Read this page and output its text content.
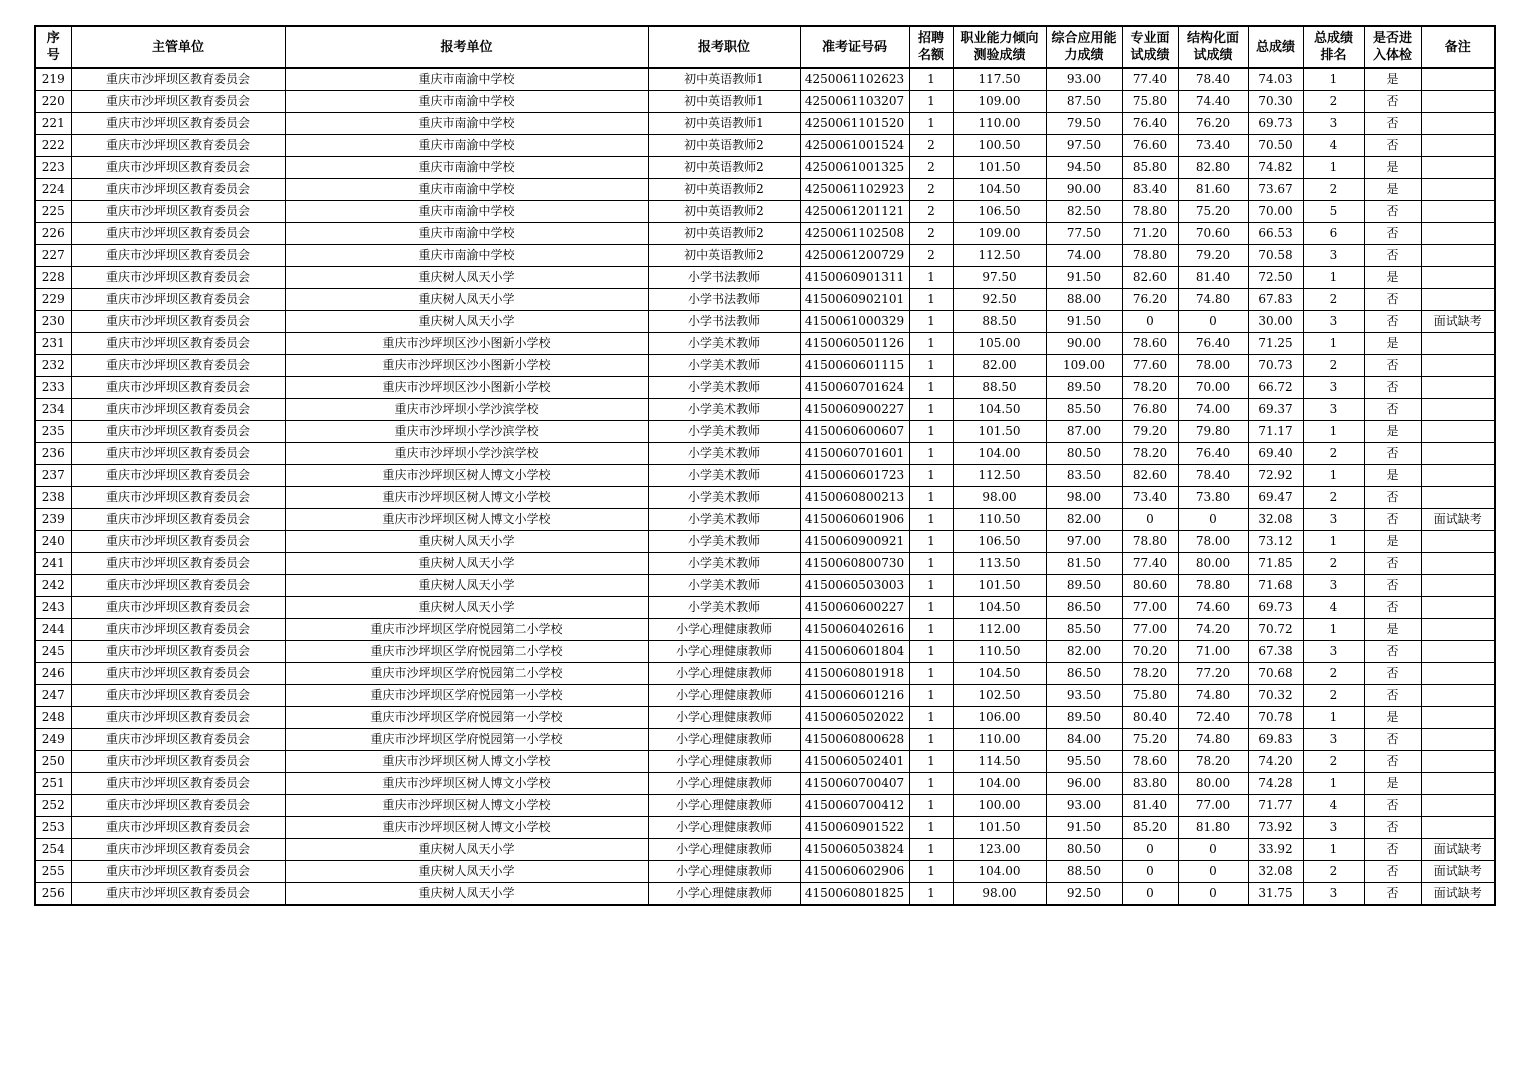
序号	主管单位	报考单位	报考职位	准考证号码	招聘名额	职业能力倾向测验成绩	综合应用能力成绩	专业面试成绩	结构化面试成绩	总成绩	总成绩排名	是否进入体检	备注
219	重庆市沙坪坝区教育委员会	重庆市南渝中学校	初中英语教师1	4250061102623	1	117.50	93.00	77.40	78.40	74.03	1	是	
220	重庆市沙坪坝区教育委员会	重庆市南渝中学校	初中英语教师1	4250061103207	1	109.00	87.50	75.80	74.40	70.30	2	否	
221	重庆市沙坪坝区教育委员会	重庆市南渝中学校	初中英语教师1	4250061101520	1	110.00	79.50	76.40	76.20	69.73	3	否	
222	重庆市沙坪坝区教育委员会	重庆市南渝中学校	初中英语教师2	4250061001524	2	100.50	97.50	76.60	73.40	70.50	4	否	
223	重庆市沙坪坝区教育委员会	重庆市南渝中学校	初中英语教师2	4250061001325	2	101.50	94.50	85.80	82.80	74.82	1	是	
224	重庆市沙坪坝区教育委员会	重庆市南渝中学校	初中英语教师2	4250061102923	2	104.50	90.00	83.40	81.60	73.67	2	是	
225	重庆市沙坪坝区教育委员会	重庆市南渝中学校	初中英语教师2	4250061201121	2	106.50	82.50	78.80	75.20	70.00	5	否	
226	重庆市沙坪坝区教育委员会	重庆市南渝中学校	初中英语教师2	4250061102508	2	109.00	77.50	71.20	70.60	66.53	6	否	
227	重庆市沙坪坝区教育委员会	重庆市南渝中学校	初中英语教师2	4250061200729	2	112.50	74.00	78.80	79.20	70.58	3	否	
228	重庆市沙坪坝区教育委员会	重庆树人凤天小学	小学书法教师	4150060901311	1	97.50	91.50	82.60	81.40	72.50	1	是	
229	重庆市沙坪坝区教育委员会	重庆树人凤天小学	小学书法教师	4150060902101	1	92.50	88.00	76.20	74.80	67.83	2	否	
230	重庆市沙坪坝区教育委员会	重庆树人凤天小学	小学书法教师	4150061000329	1	88.50	91.50	0	0	30.00	3	否	面试缺考
231	重庆市沙坪坝区教育委员会	重庆市沙坪坝区沙小图新小学校	小学美术教师	4150060501126	1	105.00	90.00	78.60	76.40	71.25	1	是	
232	重庆市沙坪坝区教育委员会	重庆市沙坪坝区沙小图新小学校	小学美术教师	4150060601115	1	82.00	109.00	77.60	78.00	70.73	2	否	
233	重庆市沙坪坝区教育委员会	重庆市沙坪坝区沙小图新小学校	小学美术教师	4150060701624	1	88.50	89.50	78.20	70.00	66.72	3	否	
234	重庆市沙坪坝区教育委员会	重庆市沙坪坝小学沙滨学校	小学美术教师	4150060900227	1	104.50	85.50	76.80	74.00	69.37	3	否	
235	重庆市沙坪坝区教育委员会	重庆市沙坪坝小学沙滨学校	小学美术教师	4150060600607	1	101.50	87.00	79.20	79.80	71.17	1	是	
236	重庆市沙坪坝区教育委员会	重庆市沙坪坝小学沙滨学校	小学美术教师	4150060701601	1	104.00	80.50	78.20	76.40	69.40	2	否	
237	重庆市沙坪坝区教育委员会	重庆市沙坪坝区树人博文小学校	小学美术教师	4150060601723	1	112.50	83.50	82.60	78.40	72.92	1	是	
238	重庆市沙坪坝区教育委员会	重庆市沙坪坝区树人博文小学校	小学美术教师	4150060800213	1	98.00	98.00	73.40	73.80	69.47	2	否	
239	重庆市沙坪坝区教育委员会	重庆市沙坪坝区树人博文小学校	小学美术教师	4150060601906	1	110.50	82.00	0	0	32.08	3	否	面试缺考
240	重庆市沙坪坝区教育委员会	重庆树人凤天小学	小学美术教师	4150060900921	1	106.50	97.00	78.80	78.00	73.12	1	是	
241	重庆市沙坪坝区教育委员会	重庆树人凤天小学	小学美术教师	4150060800730	1	113.50	81.50	77.40	80.00	71.85	2	否	
242	重庆市沙坪坝区教育委员会	重庆树人凤天小学	小学美术教师	4150060503003	1	101.50	89.50	80.60	78.80	71.68	3	否	
243	重庆市沙坪坝区教育委员会	重庆树人凤天小学	小学美术教师	4150060600227	1	104.50	86.50	77.00	74.60	69.73	4	否	
244	重庆市沙坪坝区教育委员会	重庆市沙坪坝区学府悦园第二小学校	小学心理健康教师	4150060402616	1	112.00	85.50	77.00	74.20	70.72	1	是	
245	重庆市沙坪坝区教育委员会	重庆市沙坪坝区学府悦园第二小学校	小学心理健康教师	4150060601804	1	110.50	82.00	70.20	71.00	67.38	3	否	
246	重庆市沙坪坝区教育委员会	重庆市沙坪坝区学府悦园第二小学校	小学心理健康教师	4150060801918	1	104.50	86.50	78.20	77.20	70.68	2	否	
247	重庆市沙坪坝区教育委员会	重庆市沙坪坝区学府悦园第一小学校	小学心理健康教师	4150060601216	1	102.50	93.50	75.80	74.80	70.32	2	否	
248	重庆市沙坪坝区教育委员会	重庆市沙坪坝区学府悦园第一小学校	小学心理健康教师	4150060502022	1	106.00	89.50	80.40	72.40	70.78	1	是	
249	重庆市沙坪坝区教育委员会	重庆市沙坪坝区学府悦园第一小学校	小学心理健康教师	4150060800628	1	110.00	84.00	75.20	74.80	69.83	3	否	
250	重庆市沙坪坝区教育委员会	重庆市沙坪坝区树人博文小学校	小学心理健康教师	4150060502401	1	114.50	95.50	78.60	78.20	74.20	2	否	
251	重庆市沙坪坝区教育委员会	重庆市沙坪坝区树人博文小学校	小学心理健康教师	4150060700407	1	104.00	96.00	83.80	80.00	74.28	1	是	
252	重庆市沙坪坝区教育委员会	重庆市沙坪坝区树人博文小学校	小学心理健康教师	4150060700412	1	100.00	93.00	81.40	77.00	71.77	4	否	
253	重庆市沙坪坝区教育委员会	重庆市沙坪坝区树人博文小学校	小学心理健康教师	4150060901522	1	101.50	91.50	85.20	81.80	73.92	3	否	
254	重庆市沙坪坝区教育委员会	重庆树人凤天小学	小学心理健康教师	4150060503824	1	123.00	80.50	0	0	33.92	1	否	面试缺考
255	重庆市沙坪坝区教育委员会	重庆树人凤天小学	小学心理健康教师	4150060602906	1	104.00	88.50	0	0	32.08	2	否	面试缺考
256	重庆市沙坪坝区教育委员会	重庆树人凤天小学	小学心理健康教师	4150060801825	1	98.00	92.50	0	0	31.75	3	否	面试缺考
